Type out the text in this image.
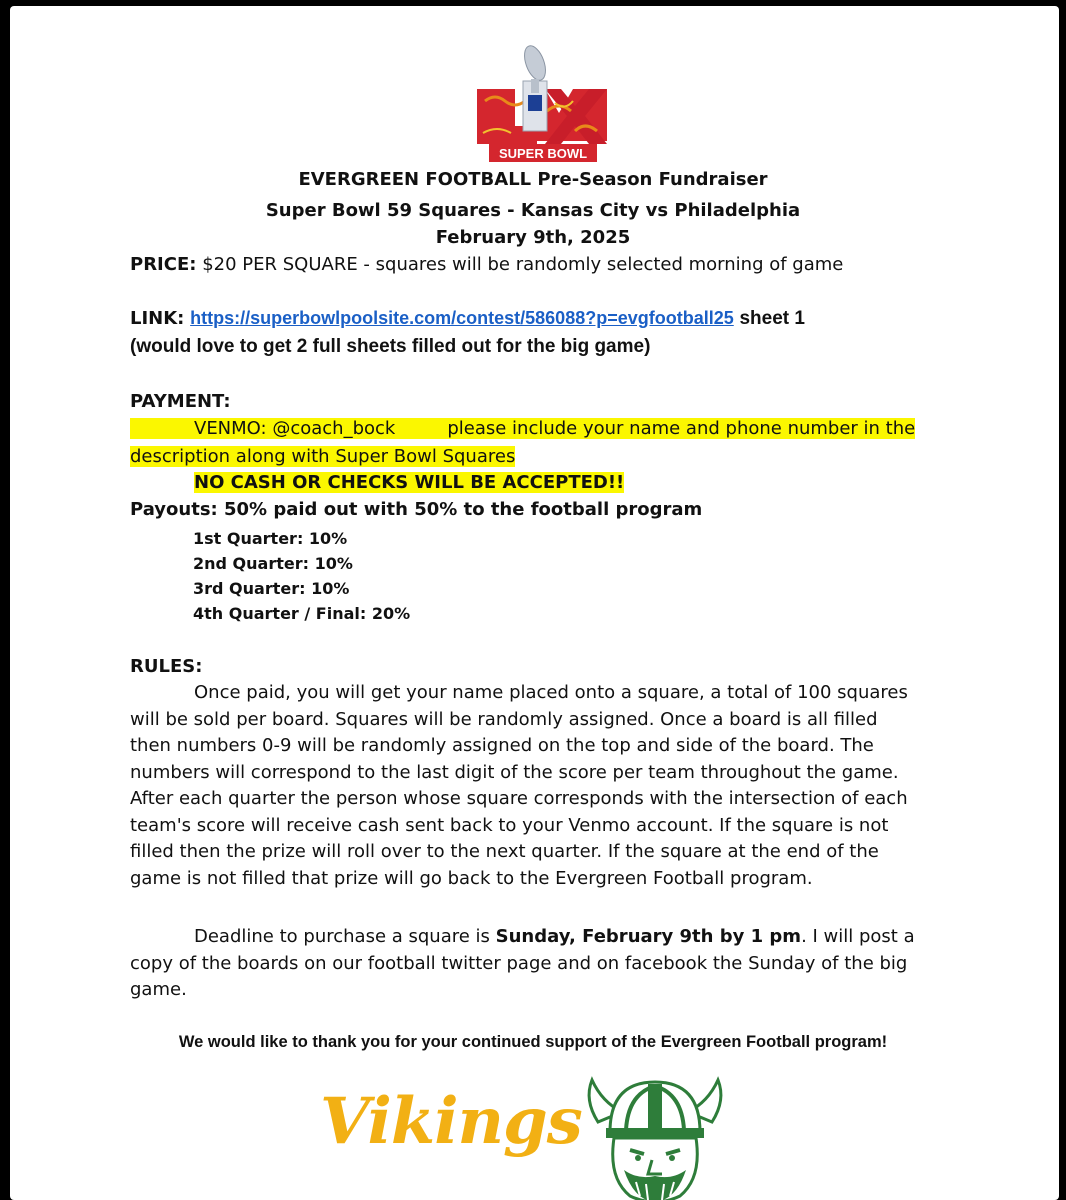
SUPER BOWL
EVERGREEN FOOTBALL Pre-Season Fundraiser
Super Bowl 59 Squares - Kansas City vs Philadelphia
February 9th, 2025
PRICE: $20 PER SQUARE - squares will be randomly selected morning of game
LINK: https://superbowlpoolsite.com/contest/586088?p=evgfootball25 sheet 1
(would love to get 2 full sheets filled out for the big game)
PAYMENT:
VENMO: @coach_bock	please include your name and phone number in the
description along with Super Bowl Squares
NO CASH OR CHECKS WILL BE ACCEPTED!!
Payouts: 50% paid out with 50% to the football program
1st Quarter: 10%
2nd Quarter: 10%
3rd Quarter: 10%
4th Quarter / Final: 20%
RULES:
Once paid, you will get your name placed onto a square, a total of 100 squares
will be sold per board. Squares will be randomly assigned. Once a board is all filled
then numbers 0-9 will be randomly assigned on the top and side of the board. The
numbers will correspond to the last digit of the score per team throughout the game.
After each quarter the person whose square corresponds with the intersection of each
team's score will receive cash sent back to your Venmo account. If the square is not
filled then the prize will roll over to the next quarter. If the square at the end of the
game is not filled that prize will go back to the Evergreen Football program.
Deadline to purchase a square is Sunday, February 9th by 1 pm. I will post a
copy of the boards on our football twitter page and on facebook the Sunday of the big
game.
We would like to thank you for your continued support of the Evergreen Football program!
Vikings
